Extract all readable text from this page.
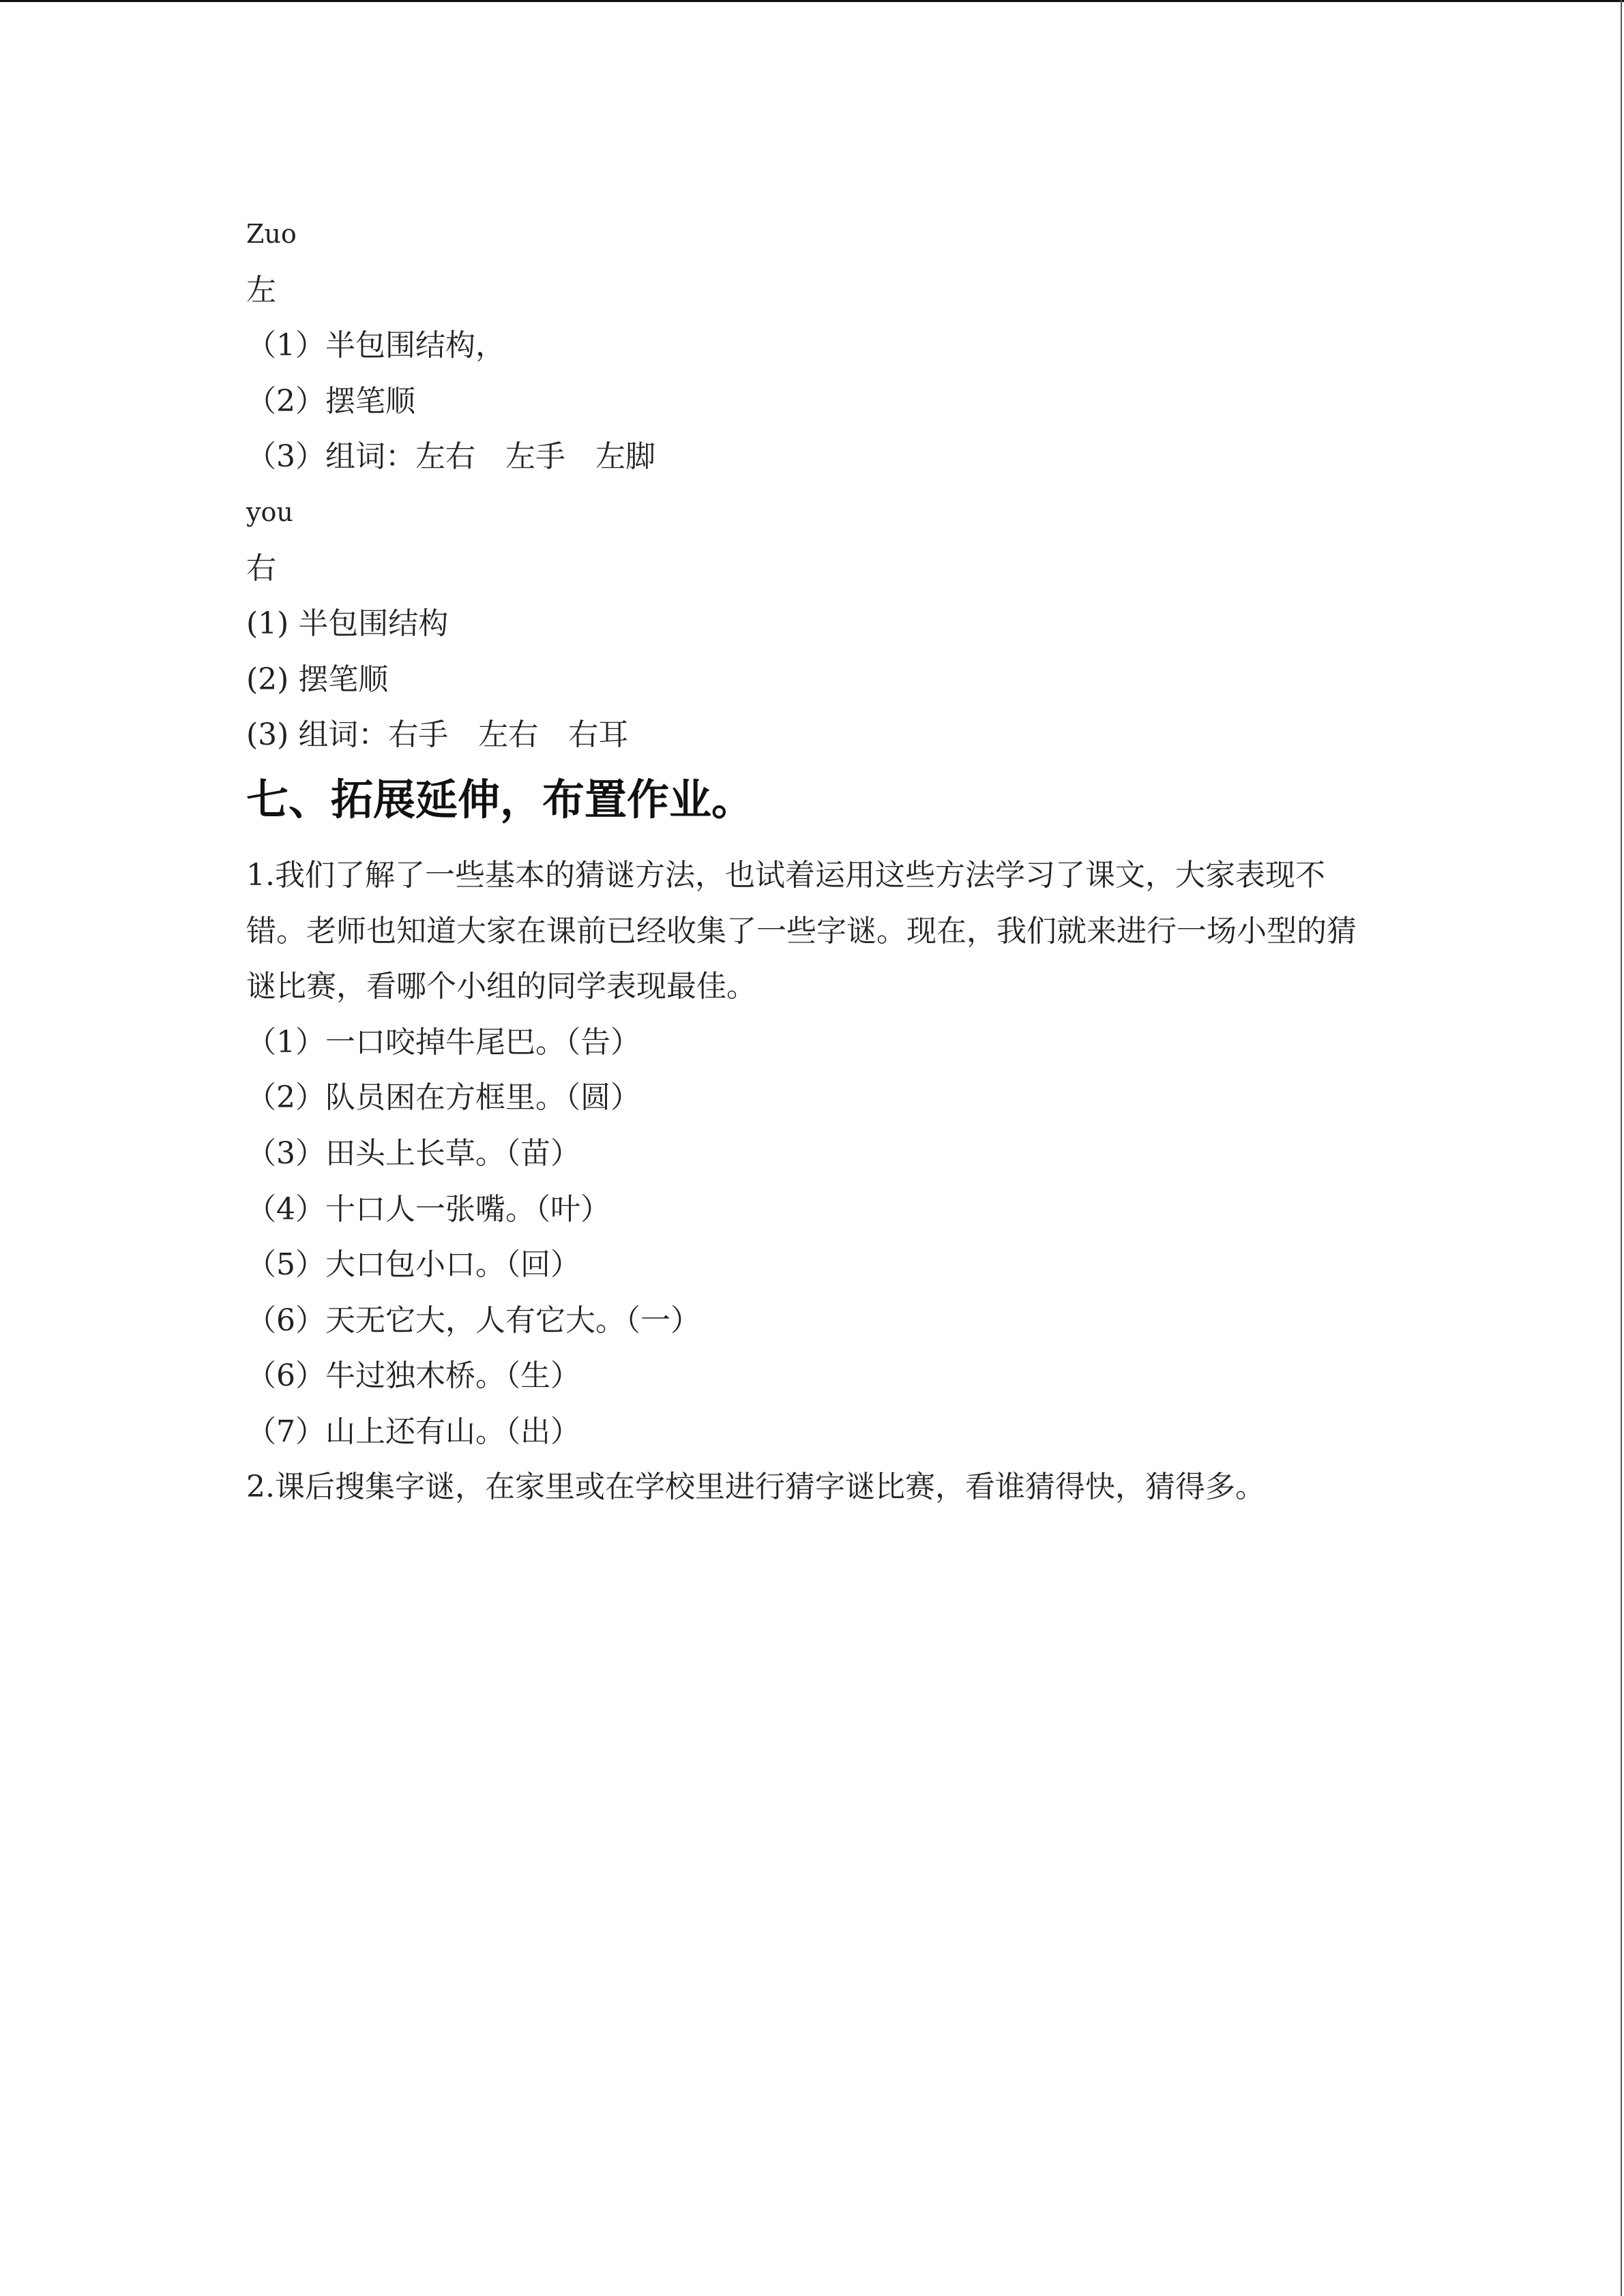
Zuo
左
（1）半包围结构，
（2）摆笔顺
（3）组词：左右　左手　左脚
you
右
(1) 半包围结构
(2) 摆笔顺
(3) 组词：右手　左右　右耳
七、拓展延伸，布置作业。
1.我们了解了一些基本的猜谜方法，也试着运用这些方法学习了课文，大家表现不
错。老师也知道大家在课前已经收集了一些字谜。现在，我们就来进行一场小型的猜
谜比赛，看哪个小组的同学表现最佳。
（1）一口咬掉牛尾巴。（告）
（2）队员困在方框里。（圆）
（3）田头上长草。（苗）
（4）十口人一张嘴。（叶）
（5）大口包小口。（回）
（6）天无它大，人有它大。（一）
（6）牛过独木桥。（生）
（7）山上还有山。（出）
2.课后搜集字谜，在家里或在学校里进行猜字谜比赛，看谁猜得快，猜得多。
